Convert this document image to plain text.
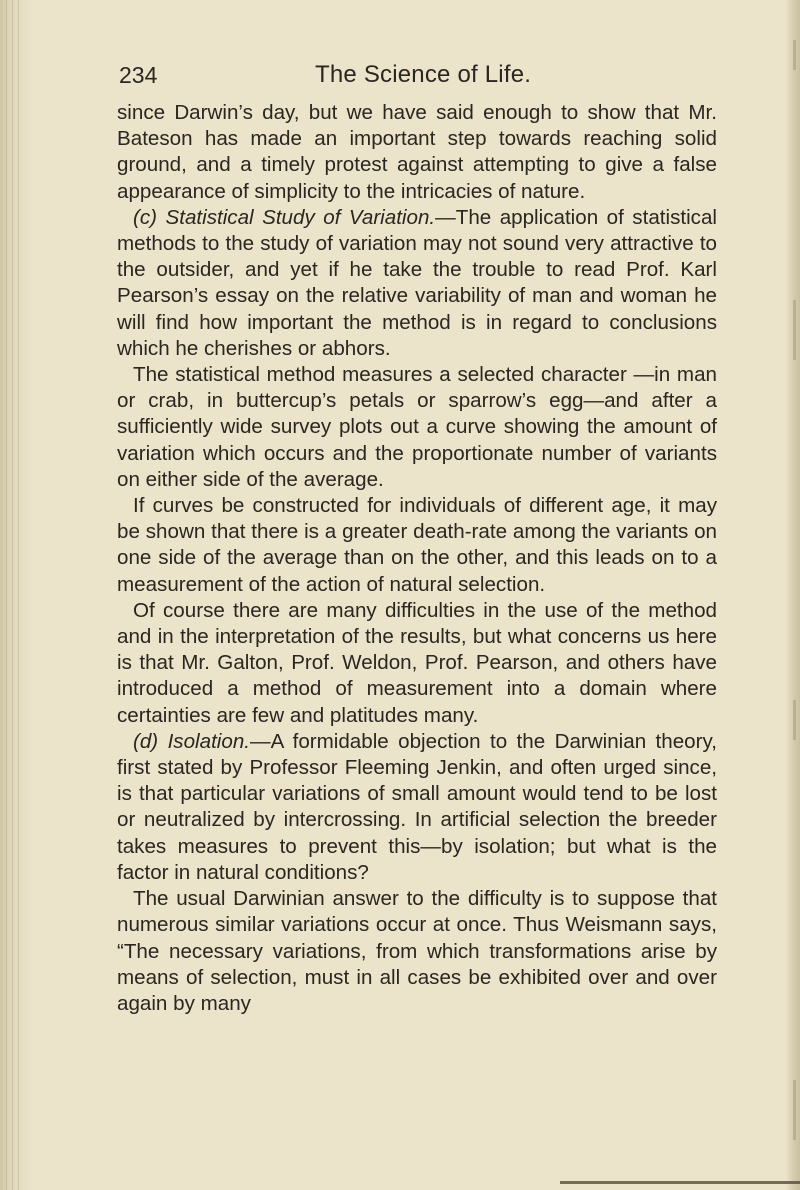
234	The Science of Life.

since Darwin’s day, but we have said enough to show that Mr. Bateson has made an important step towards reaching solid ground, and a timely protest against attempting to give a false appearance of simplicity to the intricacies of nature.

(c) Statistical Study of Variation.—The application of statistical methods to the study of variation may not sound very attractive to the outsider, and yet if he take the trouble to read Prof. Karl Pearson’s essay on the relative variability of man and woman he will find how important the method is in regard to conclusions which he cherishes or abhors.

The statistical method measures a selected character —in man or crab, in buttercup’s petals or sparrow’s egg—and after a sufficiently wide survey plots out a curve showing the amount of variation which occurs and the proportionate number of variants on either side of the average.

If curves be constructed for individuals of different age, it may be shown that there is a greater death-rate among the variants on one side of the average than on the other, and this leads on to a measurement of the action of natural selection.

Of course there are many difficulties in the use of the method and in the interpretation of the results, but what concerns us here is that Mr. Galton, Prof. Weldon, Prof. Pearson, and others have introduced a method of measurement into a domain where certainties are few and platitudes many.

(d) Isolation.—A formidable objection to the Darwinian theory, first stated by Professor Fleeming Jenkin, and often urged since, is that particular variations of small amount would tend to be lost or neutralized by intercrossing. In artificial selection the breeder takes measures to prevent this—by isolation; but what is the factor in natural conditions?

The usual Darwinian answer to the difficulty is to suppose that numerous similar variations occur at once. Thus Weismann says, “The necessary variations, from which transformations arise by means of selection, must in all cases be exhibited over and over again by many
